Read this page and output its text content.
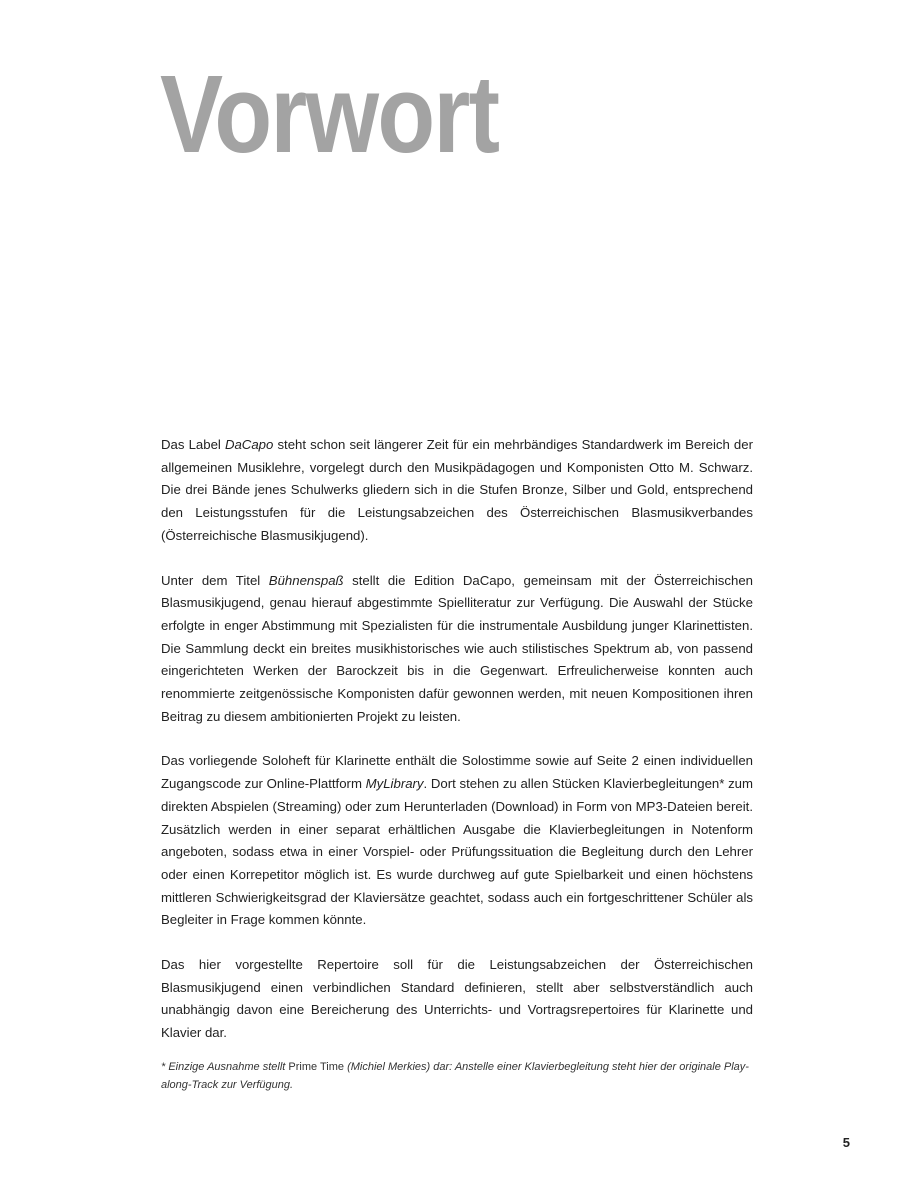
Vorwort

Das Label DaCapo steht schon seit längerer Zeit für ein mehrbändiges Standardwerk im Bereich der allgemeinen Musiklehre, vorgelegt durch den Musikpädagogen und Komponisten Otto M. Schwarz. Die drei Bände jenes Schulwerks gliedern sich in die Stufen Bronze, Silber und Gold, entsprechend den Leistungsstufen für die Leistungsabzeichen des Österreichischen Blasmusikverbandes (Österreichische Blasmusikjugend).

Unter dem Titel Bühnenspaß stellt die Edition DaCapo, gemeinsam mit der Österreichischen Blasmusikjugend, genau hierauf abgestimmte Spielliteratur zur Verfügung. Die Auswahl der Stücke erfolgte in enger Abstimmung mit Spezialisten für die instrumentale Ausbildung junger Klarinettisten. Die Sammlung deckt ein breites musikhistorisches wie auch stilistisches Spektrum ab, von passend eingerichteten Werken der Barockzeit bis in die Gegenwart. Erfreulicherweise konnten auch renommierte zeitgenössische Komponisten dafür gewonnen werden, mit neuen Kompositionen ihren Beitrag zu diesem ambitionierten Projekt zu leisten.

Das vorliegende Soloheft für Klarinette enthält die Solostimme sowie auf Seite 2 einen individuellen Zugangscode zur Online-Plattform MyLibrary. Dort stehen zu allen Stücken Klavierbegleitungen* zum direkten Abspielen (Streaming) oder zum Herunterladen (Download) in Form von MP3-Dateien bereit. Zusätzlich werden in einer separat erhältlichen Ausgabe die Klavierbegleitungen in Notenform angeboten, sodass etwa in einer Vorspiel- oder Prüfungssituation die Begleitung durch den Lehrer oder einen Korrepetitor möglich ist. Es wurde durchweg auf gute Spielbarkeit und einen höchstens mittleren Schwierigkeitsgrad der Klaviersätze geachtet, sodass auch ein fortgeschrittener Schüler als Begleiter in Frage kommen könnte.

Das hier vorgestellte Repertoire soll für die Leistungsabzeichen der Österreichischen Blasmusikjugend einen verbindlichen Standard definieren, stellt aber selbstverständlich auch unabhängig davon eine Bereicherung des Unterrichts- und Vortragsrepertoires für Klarinette und Klavier dar.

* Einzige Ausnahme stellt Prime Time (Michiel Merkies) dar: Anstelle einer Klavierbegleitung steht hier der originale Play-along-Track zur Verfügung.

5
